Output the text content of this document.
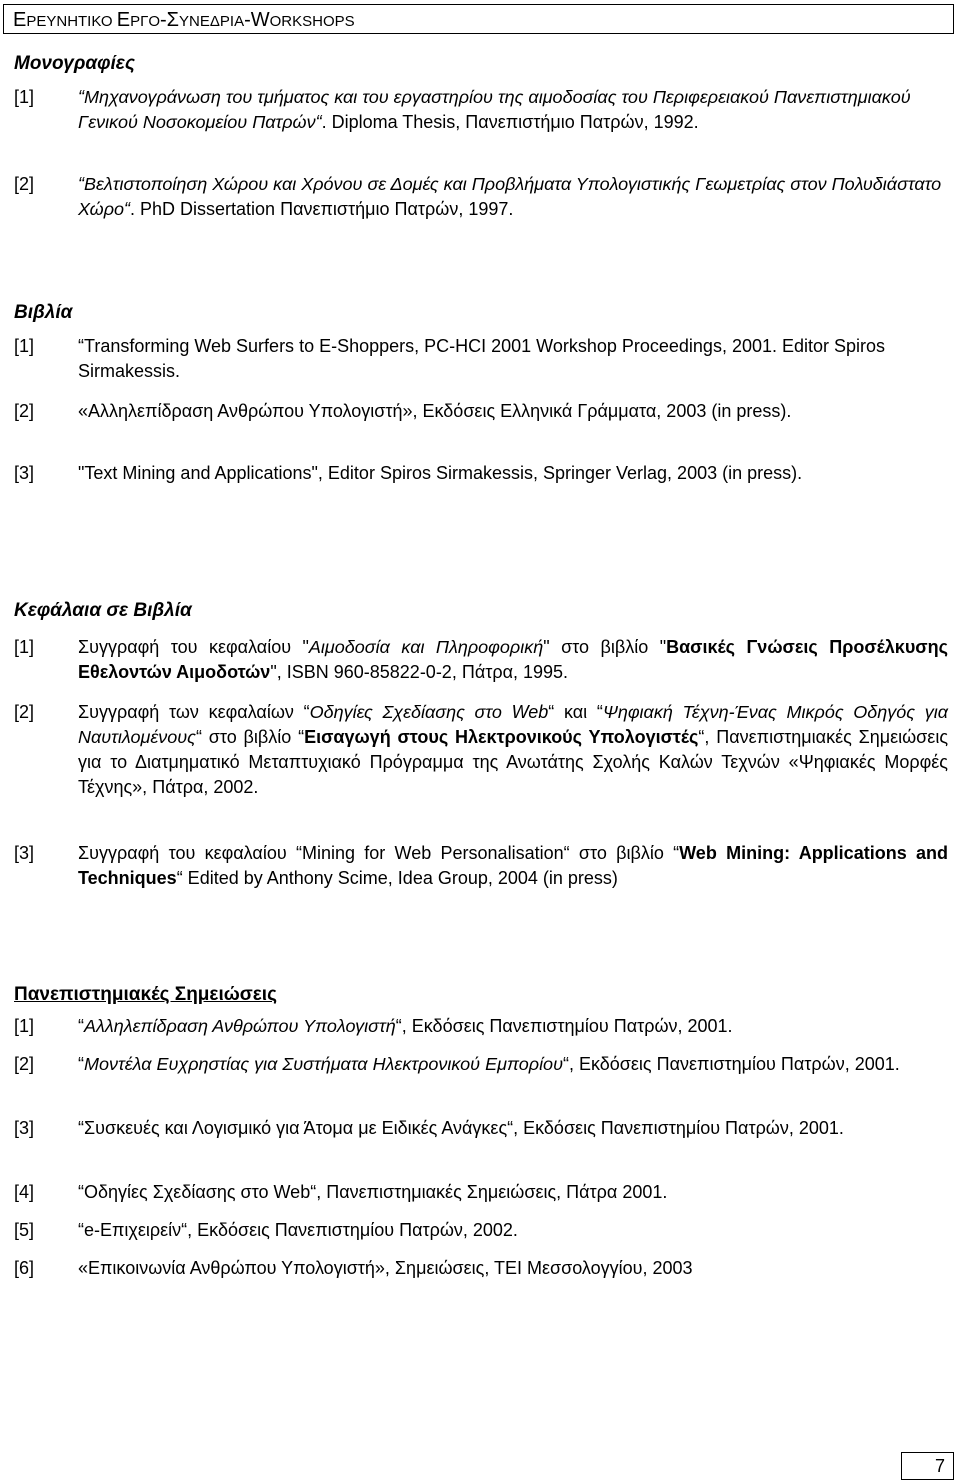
ΕΡΕΥΝΗΤΙΚΟ ΕΡΓΟ-ΣΥΝΕΔΡΙΑ-WORKSHOPS
Μονογραφίες
[1] “Μηχανογράνωση του τμήματος και του εργαστηρίου της αιμοδοσίας του Περιφερειακού Πανεπιστημιακού Γενικού Νοσοκομείου Πατρών“. Diploma Thesis, Πανεπιστήμιο Πατρών, 1992.
[2] “Βελτιστοποίηση Χώρου και Χρόνου σε Δομές και Προβλήματα Υπολογιστικής Γεωμετρίας στον Πολυδιάστατο Χώρο“. PhD Dissertation Πανεπιστήμιο Πατρών, 1997.
Βιβλία
[1] “Transforming Web Surfers to E-Shoppers, PC-HCI 2001 Workshop Proceedings, 2001. Editor Spiros Sirmakessis.
[2] «Αλληλεπίδραση Ανθρώπου Υπολογιστή», Εκδόσεις Ελληνικά Γράμματα, 2003 (in press).
[3] "Text Mining and Applications", Editor Spiros Sirmakessis, Springer Verlag, 2003 (in press).
Κεφάλαια σε Βιβλία
[1] Συγγραφή του κεφαλαίου "Αιμοδοσία και Πληροφορική" στο βιβλίο "Βασικές Γνώσεις Προσέλκυσης Εθελοντών Αιμοδοτών", ISBN 960-85822-0-2, Πάτρα, 1995.
[2] Συγγραφή των κεφαλαίων “Οδηγίες Σχεδίασης στο Web“ και “Ψηφιακή Τέχνη-Ένας Μικρός Οδηγός για Ναυτιλομένους“ στο βιβλίο “Εισαγωγή στους Ηλεκτρονικούς Υπολογιστές“, Πανεπιστημιακές Σημειώσεις για το Διατμηματικό Μεταπτυχιακό Πρόγραμμα της Ανωτάτης Σχολής Καλών Τεχνών «Ψηφιακές Μορφές Τέχνης», Πάτρα, 2002.
[3] Συγγραφή του κεφαλαίου “Mining for Web Personalisation“ στο βιβλίο “Web Mining: Applications and Techniques“ Edited by Anthony Scime, Idea Group, 2004 (in press)
Πανεπιστημιακές Σημειώσεις
[1] “Αλληλεπίδραση Ανθρώπου Υπολογιστή“, Εκδόσεις Πανεπιστημίου Πατρών, 2001.
[2] “Μοντέλα Ευχρηστίας για Συστήματα Ηλεκτρονικού Εμπορίου“, Εκδόσεις Πανεπιστημίου Πατρών, 2001.
[3] “Συσκευές και Λογισμικό για Άτομα με Ειδικές Ανάγκες“, Εκδόσεις Πανεπιστημίου Πατρών, 2001.
[4] “Οδηγίες Σχεδίασης στο Web“, Πανεπιστημιακές Σημειώσεις, Πάτρα 2001.
[5] “e-Επιχειρείν“, Εκδόσεις Πανεπιστημίου Πατρών, 2002.
[6] «Επικοινωνία Ανθρώπου Υπολογιστή», Σημειώσεις, ΤΕΙ Μεσσολογγίου, 2003
7
